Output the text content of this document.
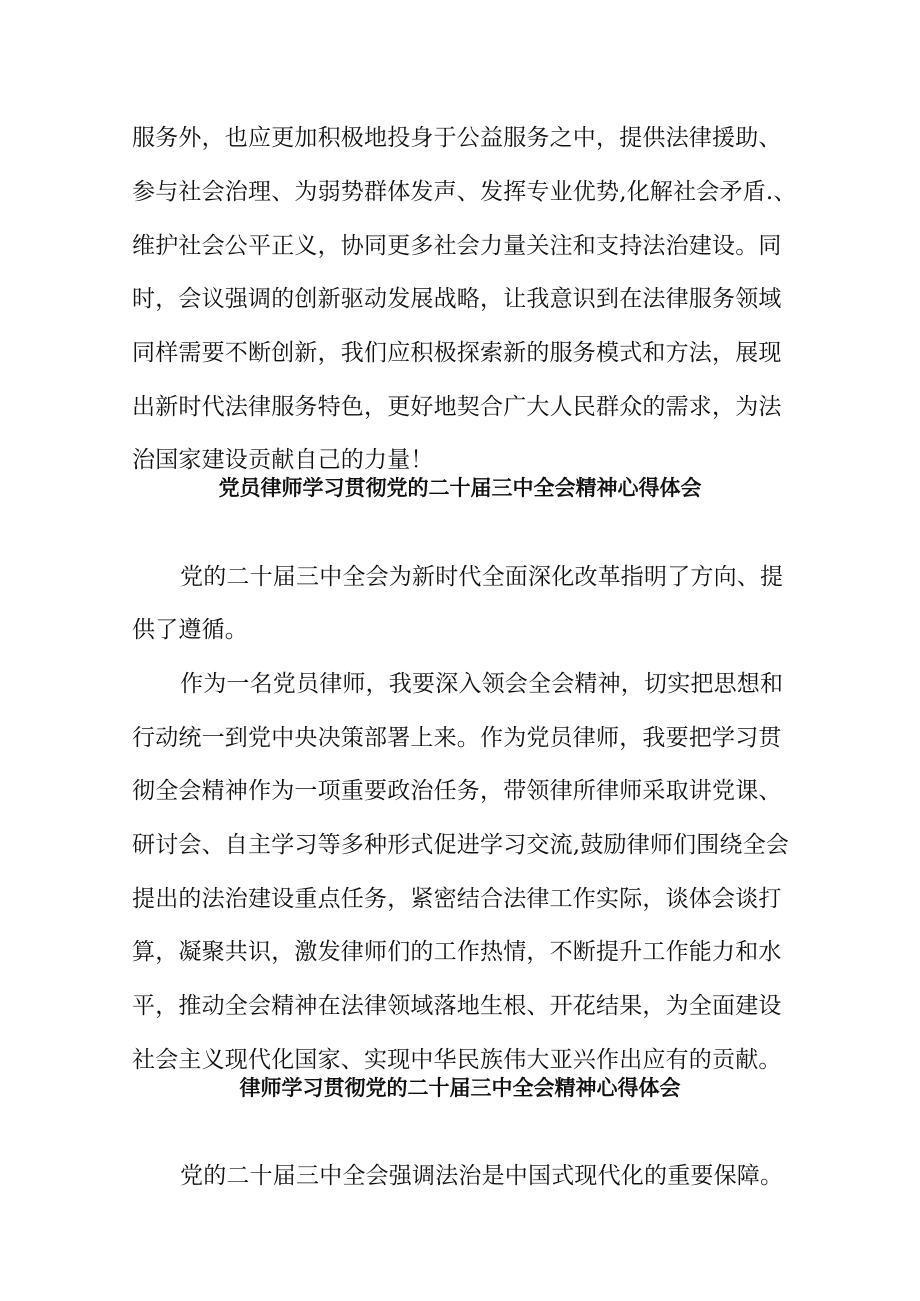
服务外，也应更加积极地投身于公益服务之中，提供法律援助、
参与社会治理、为弱势群体发声、发挥专业优势,化解社会矛盾.、
维护社会公平正义，协同更多社会力量关注和支持法治建设。同
时，会议强调的创新驱动发展战略，让我意识到在法律服务领域
同样需要不断创新，我们应积极探索新的服务模式和方法，展现
出新时代法律服务特色，更好地契合广大人民群众的需求，为法
治国家建设贡献自己的力量！
党员律师学习贯彻党的二十届三中全会精神心得体会
党的二十届三中全会为新时代全面深化改革指明了方向、提
供了遵循。
作为一名党员律师，我要深入领会全会精神，切实把思想和
行动统一到党中央决策部署上来。作为党员律师，我要把学习贯
彻全会精神作为一项重要政治任务，带领律所律师采取讲党课、
研讨会、自主学习等多种形式促进学习交流,鼓励律师们围绕全会
提出的法治建设重点任务，紧密结合法律工作实际，谈体会谈打
算，凝聚共识，激发律师们的工作热情，不断提升工作能力和水
平，推动全会精神在法律领域落地生根、开花结果，为全面建设
社会主义现代化国家、实现中华民族伟大亚兴作出应有的贡献。
律师学习贯彻党的二十届三中全会精神心得体会
党的二十届三中全会强调法治是中国式现代化的重要保障。
